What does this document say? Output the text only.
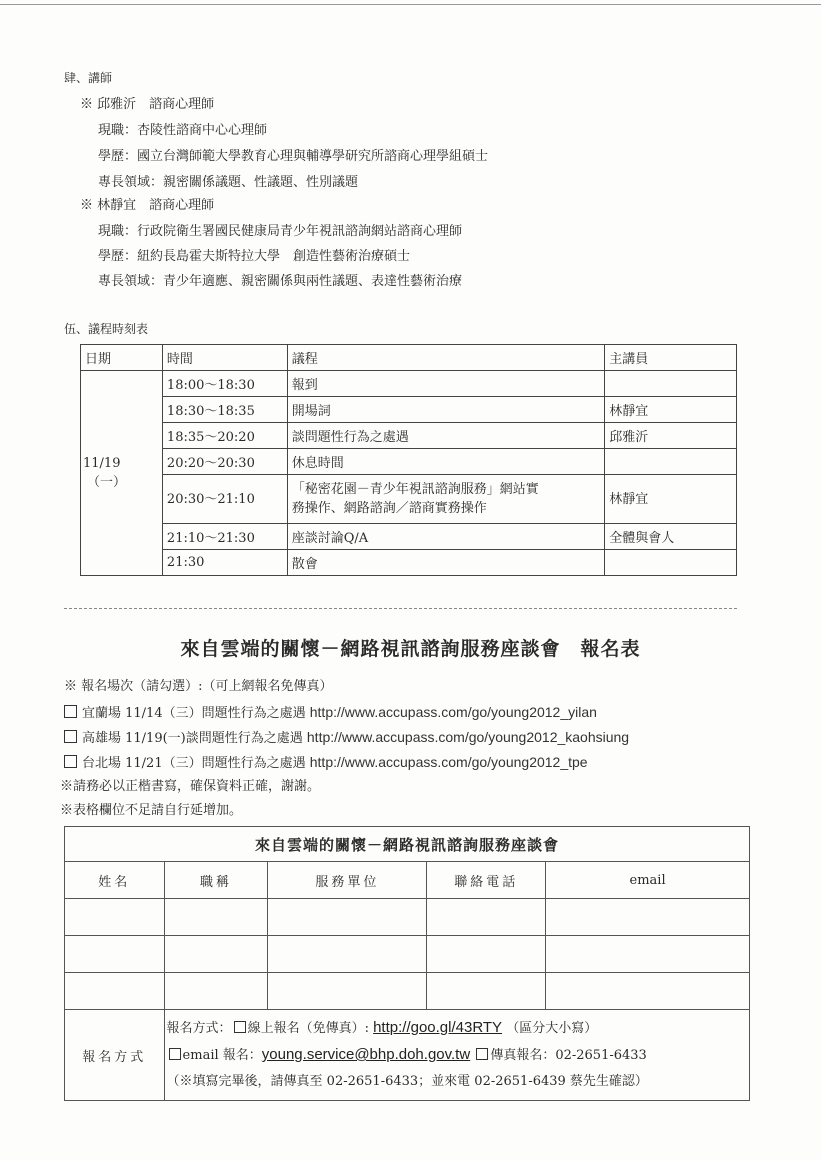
肆、講師
※ 邱雅沂　諮商心理師
現職：杏陵性諮商中心心理師
學歷：國立台灣師範大學教育心理與輔導學研究所諮商心理學組碩士
專長領域：親密關係議題、性議題、性別議題
※ 林靜宜　諮商心理師
現職：行政院衛生署國民健康局青少年視訊諮詢網站諮商心理師
學歷：紐約長島霍夫斯特拉大學　創造性藝術治療碩士
專長領域：青少年適應、親密關係與兩性議題、表達性藝術治療
伍、議程時刻表
日期	時間	議程	主講員

11/19
（一）	18:00～18:30	報到	
	18:30～18:35	開場詞	林靜宜
	18:35～20:20	談問題性行為之處遇	邱雅沂
	20:20～20:30	休息時間	
	20:30～21:10	「秘密花園－青少年視訊諮詢服務」網站實
務操作、網路諮詢／諮商實務操作	林靜宜
	21:10～21:30	座談討論Q/A	全體與會人
	21:30	散會	
來自雲端的關懷－網路視訊諮詢服務座談會　報名表
※ 報名場次（請勾選）:（可上網報名免傳真）
宜蘭場 11/14（三）問題性行為之處遇 http://www.accupass.com/go/young2012_yilan
高雄場 11/19(一)談問題性行為之處遇 http://www.accupass.com/go/young2012_kaohsiung
台北場 11/21（三）問題性行為之處遇 http://www.accupass.com/go/young2012_tpe
※請務必以正楷書寫，確保資料正確，謝謝。
※表格欄位不足請自行延增加。
來自雲端的關懷－網路視訊諮詢服務座談會				
姓名	職稱	服務單位	聯絡電話	email

報名方式	報名方式： 線上報名（免傳真）: http://goo.gl/43RTY （區分大小寫）
email 報名：young.service@bhp.doh.gov.tw 傳真報名：02-2651-6433
（※填寫完畢後，請傳真至 02-2651-6433；並來電 02-2651-6439 蔡先生確認）			
